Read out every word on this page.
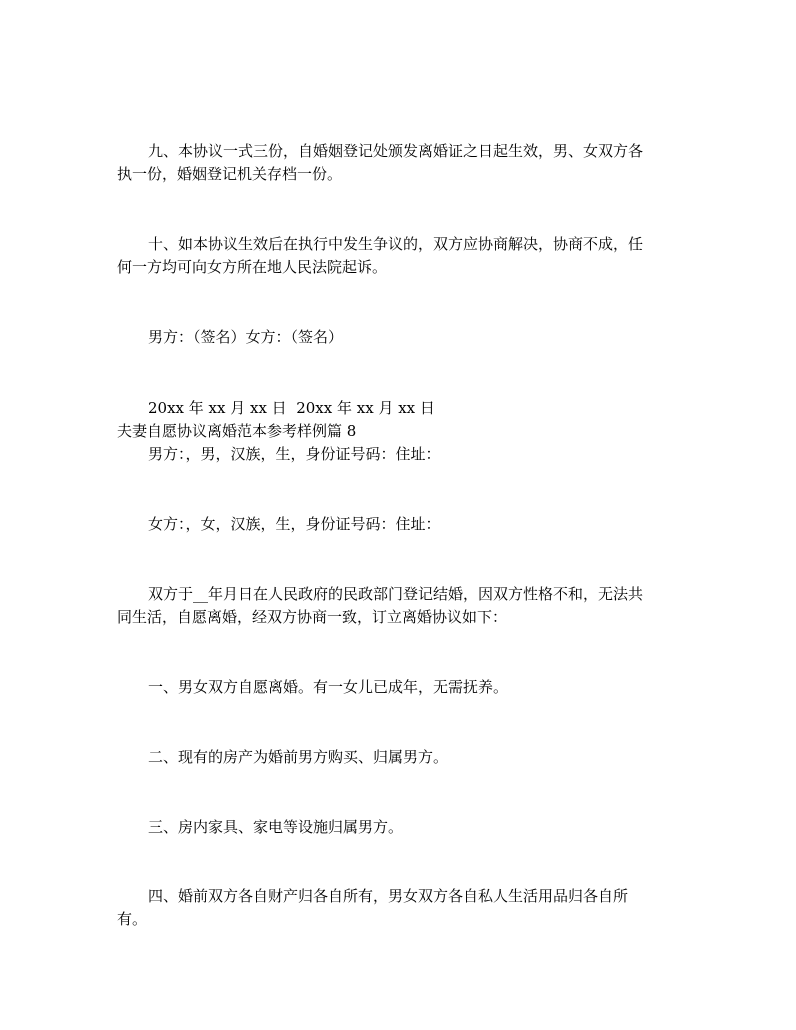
九、本协议一式三份，自婚姻登记处颁发离婚证之日起生效，男、女双方各
执一份，婚姻登记机关存档一份。
十、如本协议生效后在执行中发生争议的，双方应协商解决，协商不成，任
何一方均可向女方所在地人民法院起诉。
男方：（签名）女方：（签名）
20xx 年 xx 月 xx 日  20xx 年 xx 月 xx 日
夫妻自愿协议离婚范本参考样例篇 8
男方：，男，汉族，生，身份证号码：住址：
女方：，女，汉族，生，身份证号码：住址：
双方于__年月日在人民政府的民政部门登记结婚，因双方性格不和，无法共
同生活，自愿离婚，经双方协商一致，订立离婚协议如下：
一、男女双方自愿离婚。有一女儿已成年，无需抚养。
二、现有的房产为婚前男方购买、归属男方。
三、房内家具、家电等设施归属男方。
四、婚前双方各自财产归各自所有，男女双方各自私人生活用品归各自所
有。
